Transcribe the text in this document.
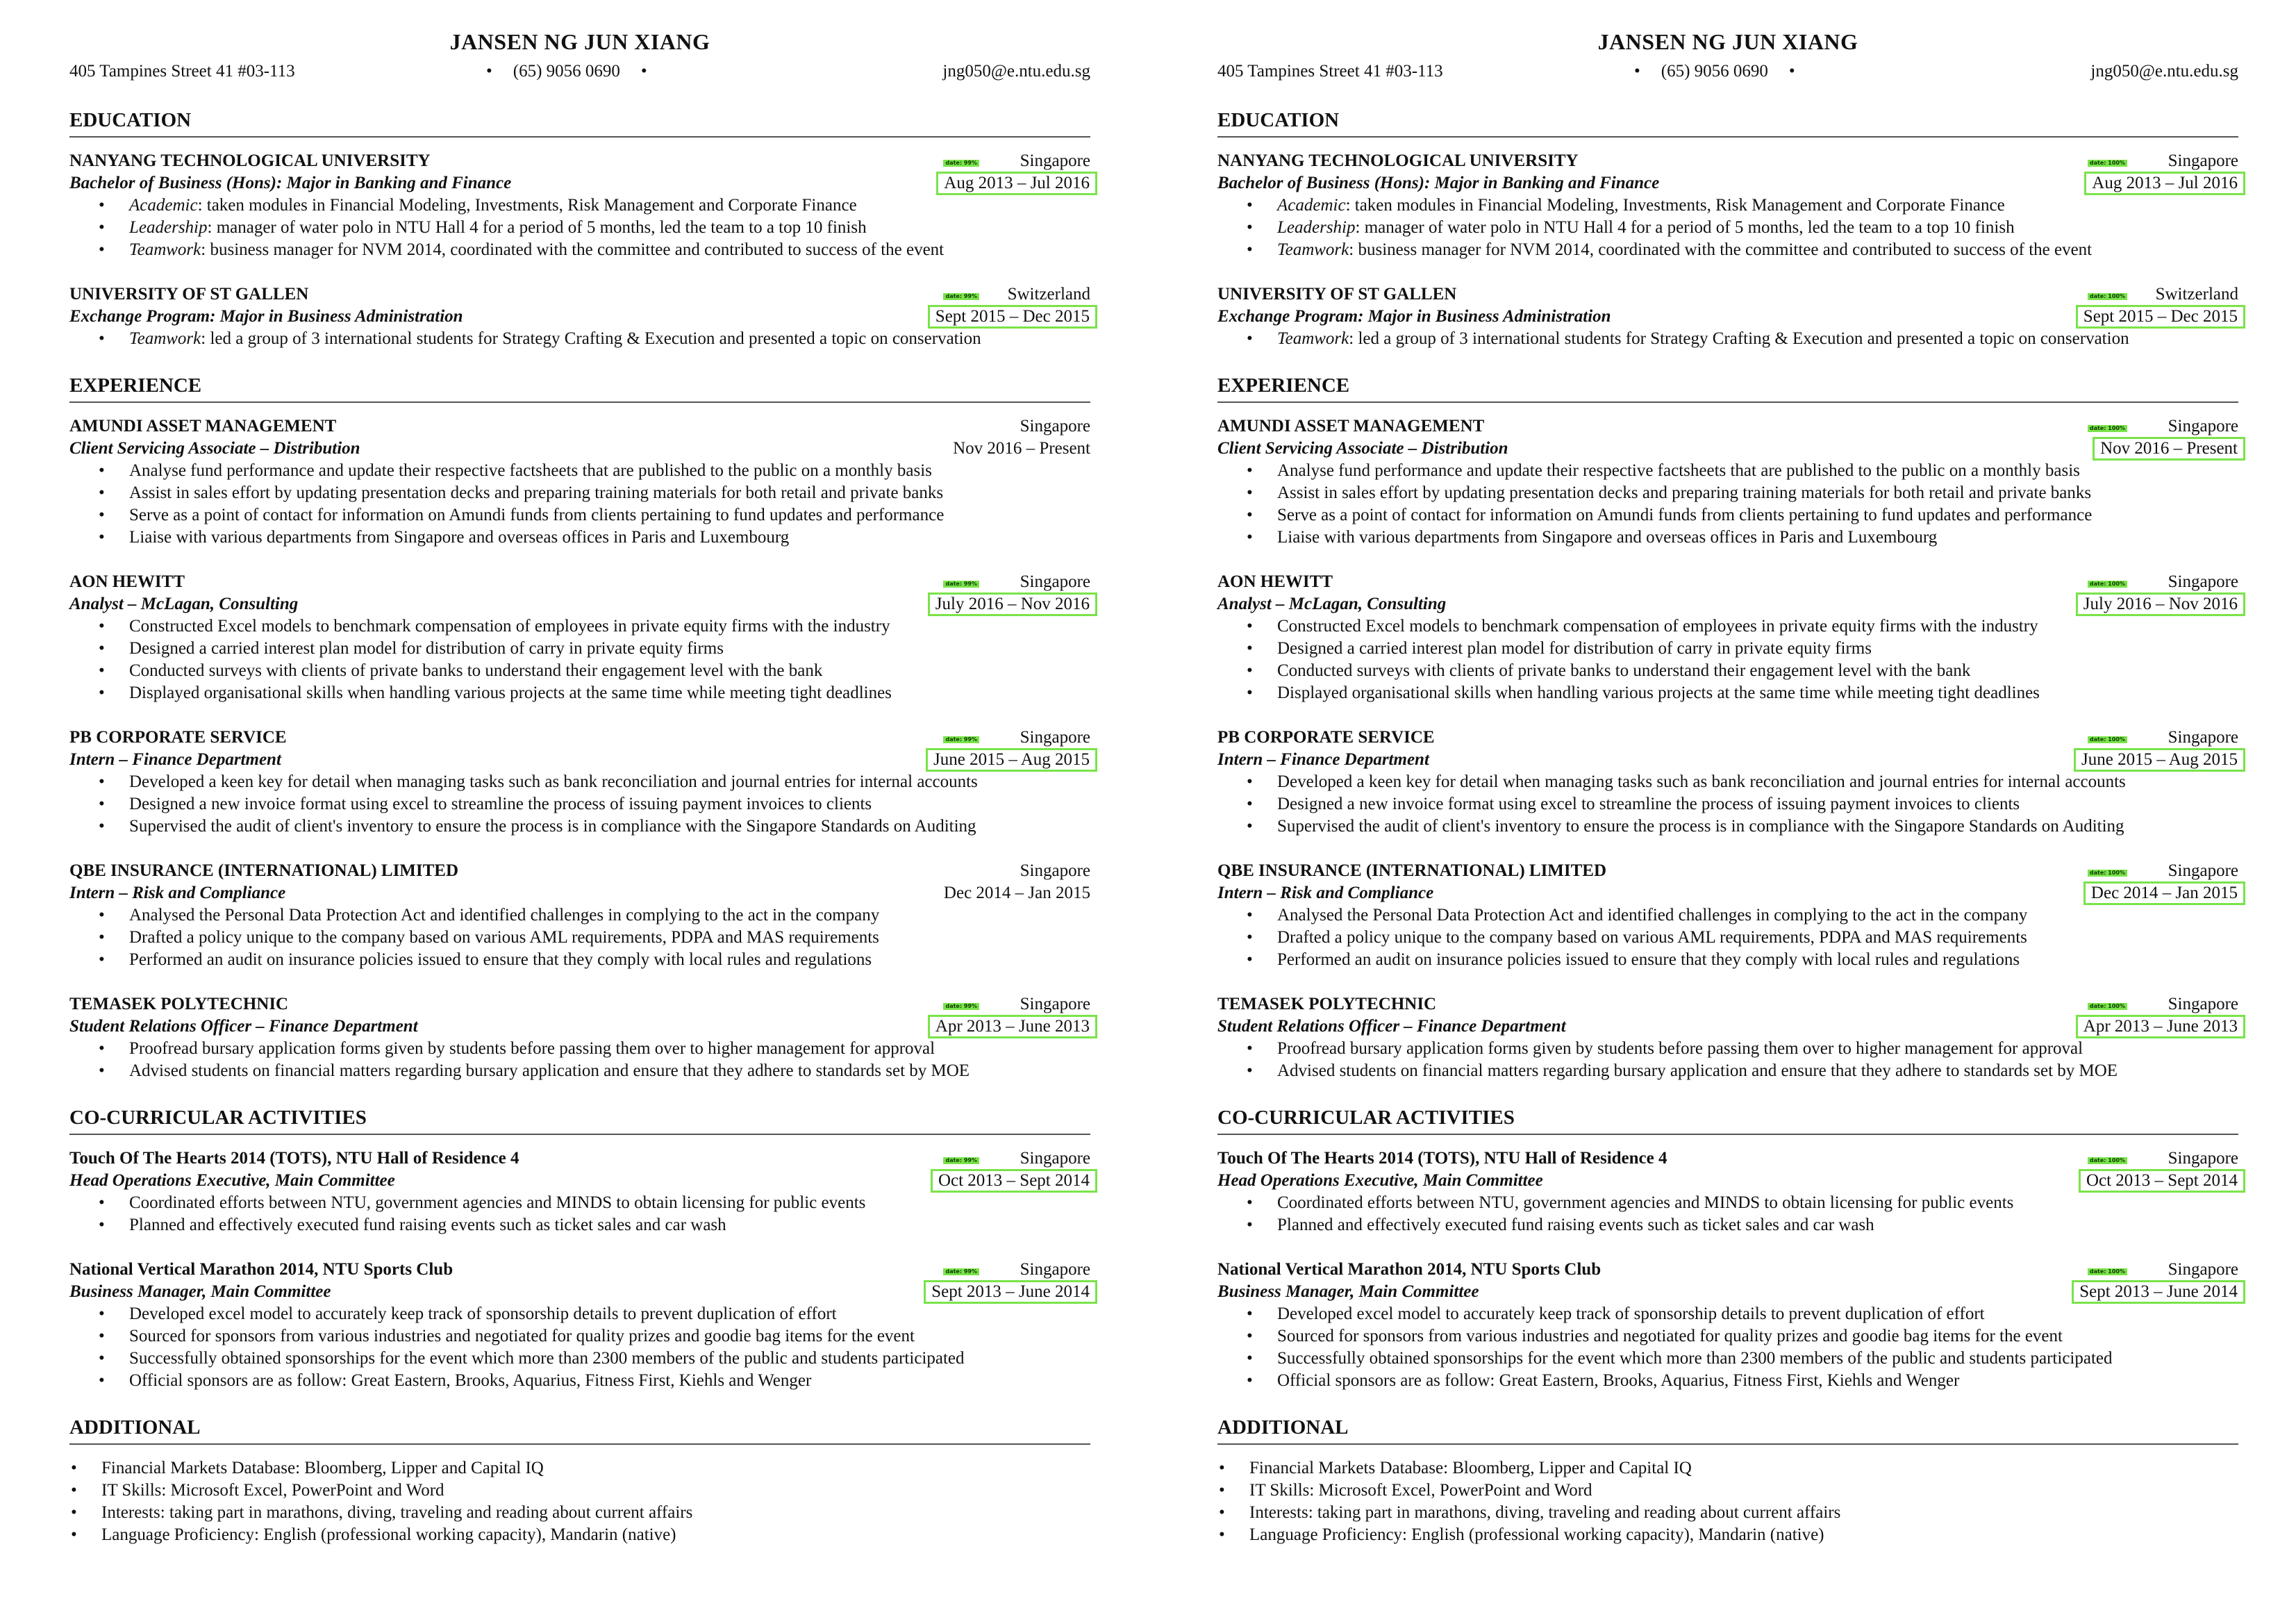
JANSEN NG JUN XIANG
405 Tampines Street 41 #03-113	• (65) 9056 0690 •	jng050@e.ntu.edu.sg
EDUCATION
NANYANG TECHNOLOGICAL UNIVERSITY	Singapore
Bachelor of Business (Hons): Major in Banking and Finance	Aug 2013 – Jul 2016
date: 99%
• Academic: taken modules in Financial Modeling, Investments, Risk Management and Corporate Finance
• Leadership: manager of water polo in NTU Hall 4 for a period of 5 months, led the team to a top 10 finish
• Teamwork: business manager for NVM 2014, coordinated with the committee and contributed to success of the event
UNIVERSITY OF ST GALLEN	Switzerland
Exchange Program: Major in Business Administration	Sept 2015 – Dec 2015
date: 99%
• Teamwork: led a group of 3 international students for Strategy Crafting & Execution and presented a topic on conservation
EXPERIENCE
AMUNDI ASSET MANAGEMENT	Singapore
Client Servicing Associate – Distribution	Nov 2016 – Present
• Analyse fund performance and update their respective factsheets that are published to the public on a monthly basis
• Assist in sales effort by updating presentation decks and preparing training materials for both retail and private banks
• Serve as a point of contact for information on Amundi funds from clients pertaining to fund updates and performance
• Liaise with various departments from Singapore and overseas offices in Paris and Luxembourg
AON HEWITT	Singapore
Analyst – McLagan, Consulting	July 2016 – Nov 2016
date: 99%
• Constructed Excel models to benchmark compensation of employees in private equity firms with the industry
• Designed a carried interest plan model for distribution of carry in private equity firms
• Conducted surveys with clients of private banks to understand their engagement level with the bank
• Displayed organisational skills when handling various projects at the same time while meeting tight deadlines
PB CORPORATE SERVICE	Singapore
Intern – Finance Department	June 2015 – Aug 2015
date: 99%
• Developed a keen key for detail when managing tasks such as bank reconciliation and journal entries for internal accounts
• Designed a new invoice format using excel to streamline the process of issuing payment invoices to clients
• Supervised the audit of client's inventory to ensure the process is in compliance with the Singapore Standards on Auditing
QBE INSURANCE (INTERNATIONAL) LIMITED	Singapore
Intern – Risk and Compliance	Dec 2014 – Jan 2015
• Analysed the Personal Data Protection Act and identified challenges in complying to the act in the company
• Drafted a policy unique to the company based on various AML requirements, PDPA and MAS requirements
• Performed an audit on insurance policies issued to ensure that they comply with local rules and regulations
TEMASEK POLYTECHNIC	Singapore
Student Relations Officer – Finance Department	Apr 2013 – June 2013
date: 99%
• Proofread bursary application forms given by students before passing them over to higher management for approval
• Advised students on financial matters regarding bursary application and ensure that they adhere to standards set by MOE
CO-CURRICULAR ACTIVITIES
Touch Of The Hearts 2014 (TOTS), NTU Hall of Residence 4	Singapore
Head Operations Executive, Main Committee	Oct 2013 – Sept 2014
date: 99%
• Coordinated efforts between NTU, government agencies and MINDS to obtain licensing for public events
• Planned and effectively executed fund raising events such as ticket sales and car wash
National Vertical Marathon 2014, NTU Sports Club	Singapore
Business Manager, Main Committee	Sept 2013 – June 2014
date: 99%
• Developed excel model to accurately keep track of sponsorship details to prevent duplication of effort
• Sourced for sponsors from various industries and negotiated for quality prizes and goodie bag items for the event
• Successfully obtained sponsorships for the event which more than 2300 members of the public and students participated
• Official sponsors are as follow: Great Eastern, Brooks, Aquarius, Fitness First, Kiehls and Wenger
ADDITIONAL
• Financial Markets Database: Bloomberg, Lipper and Capital IQ
• IT Skills: Microsoft Excel, PowerPoint and Word
• Interests: taking part in marathons, diving, traveling and reading about current affairs
• Language Proficiency: English (professional working capacity), Mandarin (native)
JANSEN NG JUN XIANG
405 Tampines Street 41 #03-113	• (65) 9056 0690 •	jng050@e.ntu.edu.sg
EDUCATION
NANYANG TECHNOLOGICAL UNIVERSITY	Singapore
Bachelor of Business (Hons): Major in Banking and Finance	Aug 2013 – Jul 2016
date: 100%
• Academic: taken modules in Financial Modeling, Investments, Risk Management and Corporate Finance
• Leadership: manager of water polo in NTU Hall 4 for a period of 5 months, led the team to a top 10 finish
• Teamwork: business manager for NVM 2014, coordinated with the committee and contributed to success of the event
UNIVERSITY OF ST GALLEN	Switzerland
Exchange Program: Major in Business Administration	Sept 2015 – Dec 2015
date: 100%
• Teamwork: led a group of 3 international students for Strategy Crafting & Execution and presented a topic on conservation
EXPERIENCE
AMUNDI ASSET MANAGEMENT	Singapore
Client Servicing Associate – Distribution	Nov 2016 – Present
date: 100%
• Analyse fund performance and update their respective factsheets that are published to the public on a monthly basis
• Assist in sales effort by updating presentation decks and preparing training materials for both retail and private banks
• Serve as a point of contact for information on Amundi funds from clients pertaining to fund updates and performance
• Liaise with various departments from Singapore and overseas offices in Paris and Luxembourg
AON HEWITT	Singapore
Analyst – McLagan, Consulting	July 2016 – Nov 2016
date: 100%
• Constructed Excel models to benchmark compensation of employees in private equity firms with the industry
• Designed a carried interest plan model for distribution of carry in private equity firms
• Conducted surveys with clients of private banks to understand their engagement level with the bank
• Displayed organisational skills when handling various projects at the same time while meeting tight deadlines
PB CORPORATE SERVICE	Singapore
Intern – Finance Department	June 2015 – Aug 2015
date: 100%
• Developed a keen key for detail when managing tasks such as bank reconciliation and journal entries for internal accounts
• Designed a new invoice format using excel to streamline the process of issuing payment invoices to clients
• Supervised the audit of client's inventory to ensure the process is in compliance with the Singapore Standards on Auditing
QBE INSURANCE (INTERNATIONAL) LIMITED	Singapore
Intern – Risk and Compliance	Dec 2014 – Jan 2015
date: 100%
• Analysed the Personal Data Protection Act and identified challenges in complying to the act in the company
• Drafted a policy unique to the company based on various AML requirements, PDPA and MAS requirements
• Performed an audit on insurance policies issued to ensure that they comply with local rules and regulations
TEMASEK POLYTECHNIC	Singapore
Student Relations Officer – Finance Department	Apr 2013 – June 2013
date: 100%
• Proofread bursary application forms given by students before passing them over to higher management for approval
• Advised students on financial matters regarding bursary application and ensure that they adhere to standards set by MOE
CO-CURRICULAR ACTIVITIES
Touch Of The Hearts 2014 (TOTS), NTU Hall of Residence 4	Singapore
Head Operations Executive, Main Committee	Oct 2013 – Sept 2014
date: 100%
• Coordinated efforts between NTU, government agencies and MINDS to obtain licensing for public events
• Planned and effectively executed fund raising events such as ticket sales and car wash
National Vertical Marathon 2014, NTU Sports Club	Singapore
Business Manager, Main Committee	Sept 2013 – June 2014
date: 100%
• Developed excel model to accurately keep track of sponsorship details to prevent duplication of effort
• Sourced for sponsors from various industries and negotiated for quality prizes and goodie bag items for the event
• Successfully obtained sponsorships for the event which more than 2300 members of the public and students participated
• Official sponsors are as follow: Great Eastern, Brooks, Aquarius, Fitness First, Kiehls and Wenger
ADDITIONAL
• Financial Markets Database: Bloomberg, Lipper and Capital IQ
• IT Skills: Microsoft Excel, PowerPoint and Word
• Interests: taking part in marathons, diving, traveling and reading about current affairs
• Language Proficiency: English (professional working capacity), Mandarin (native)
